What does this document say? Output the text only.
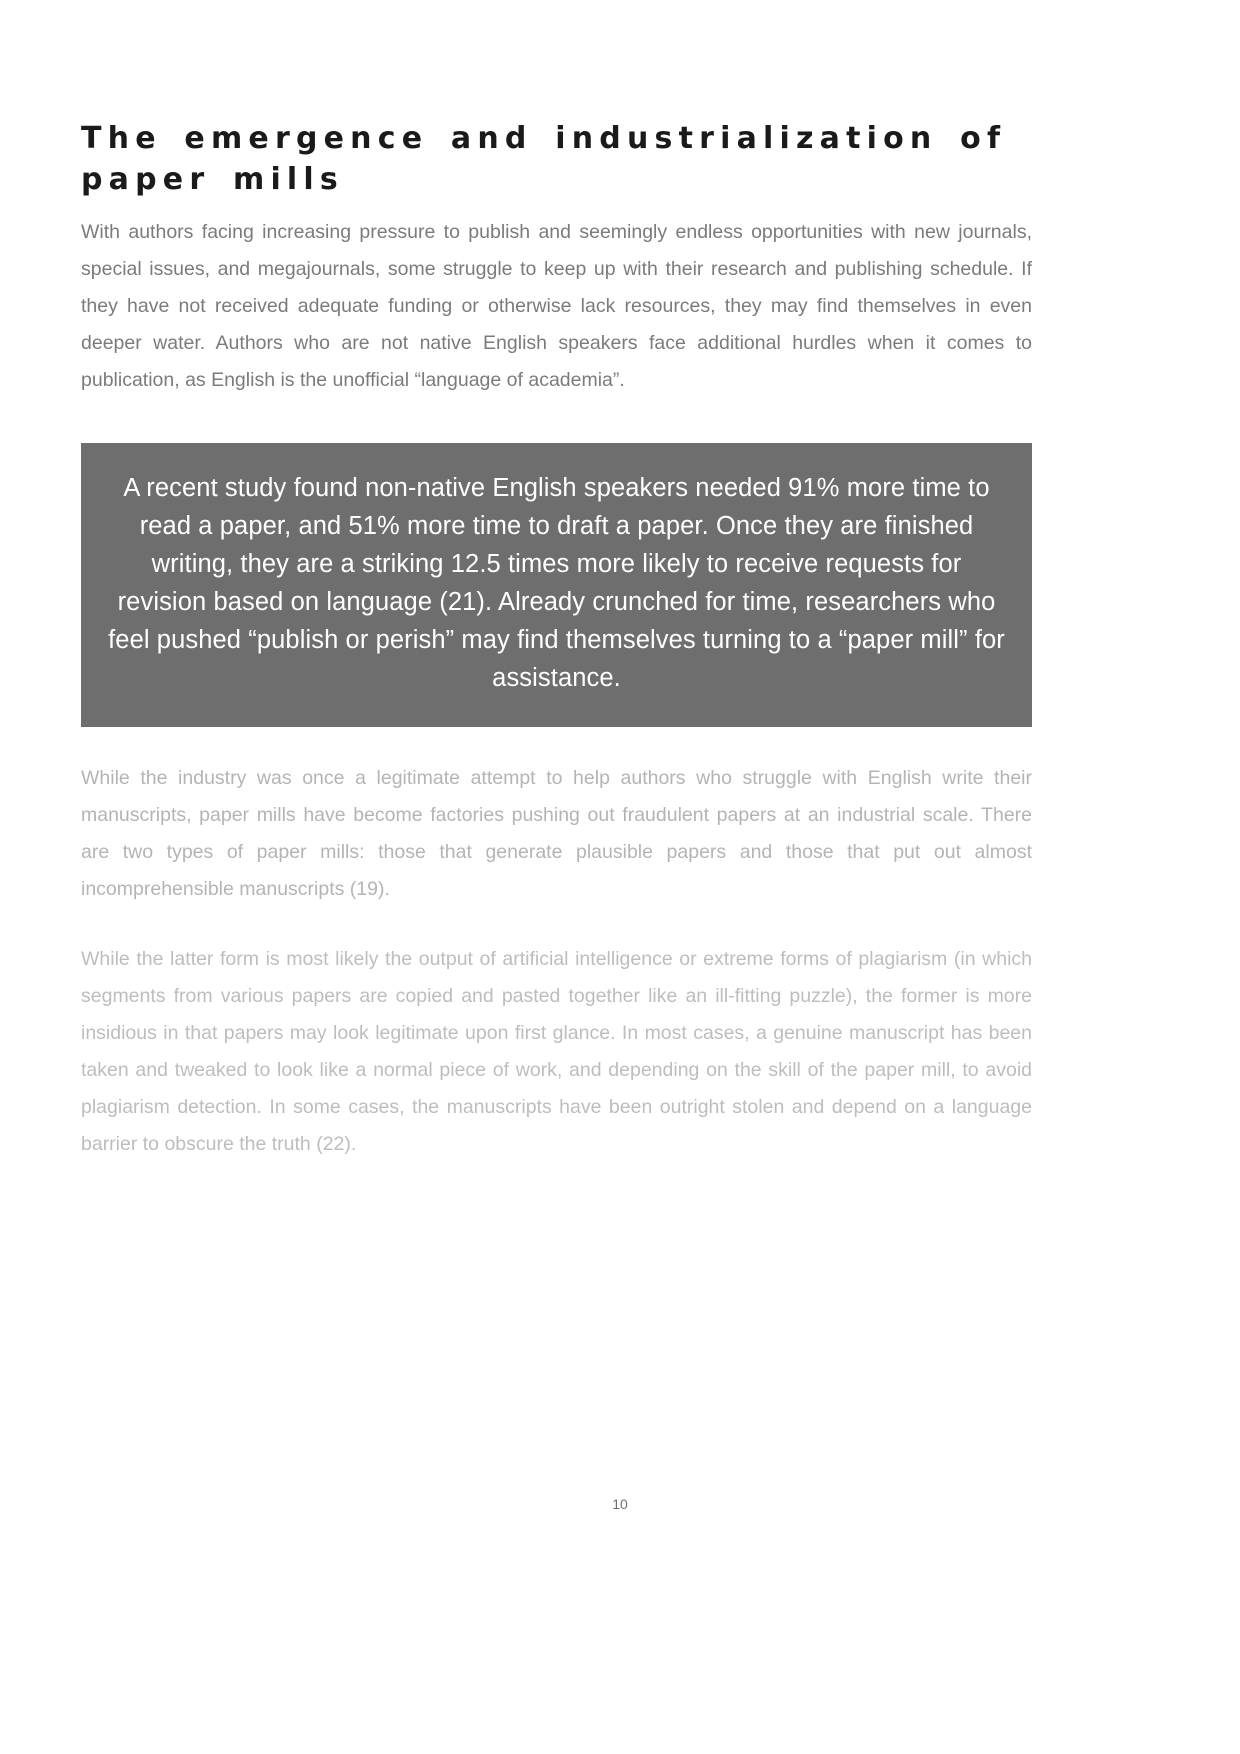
The emergence and industrialization of paper mills

With authors facing increasing pressure to publish and seemingly endless opportunities with new journals, special issues, and megajournals, some struggle to keep up with their research and publishing schedule. If they have not received adequate funding or otherwise lack resources, they may find themselves in even deeper water. Authors who are not native English speakers face additional hurdles when it comes to publication, as English is the unofficial “language of academia”.

A recent study found non-native English speakers needed 91% more time to read a paper, and 51% more time to draft a paper. Once they are finished writing, they are a striking 12.5 times more likely to receive requests for revision based on language (21). Already crunched for time, researchers who feel pushed “publish or perish” may find themselves turning to a “paper mill” for assistance.

While the industry was once a legitimate attempt to help authors who struggle with English write their manuscripts, paper mills have become factories pushing out fraudulent papers at an industrial scale. There are two types of paper mills: those that generate plausible papers and those that put out almost incomprehensible manuscripts (19).

While the latter form is most likely the output of artificial intelligence or extreme forms of plagiarism (in which segments from various papers are copied and pasted together like an ill-fitting puzzle), the former is more insidious in that papers may look legitimate upon first glance. In most cases, a genuine manuscript has been taken and tweaked to look like a normal piece of work, and depending on the skill of the paper mill, to avoid plagiarism detection. In some cases, the manuscripts have been outright stolen and depend on a language barrier to obscure the truth (22).

10
